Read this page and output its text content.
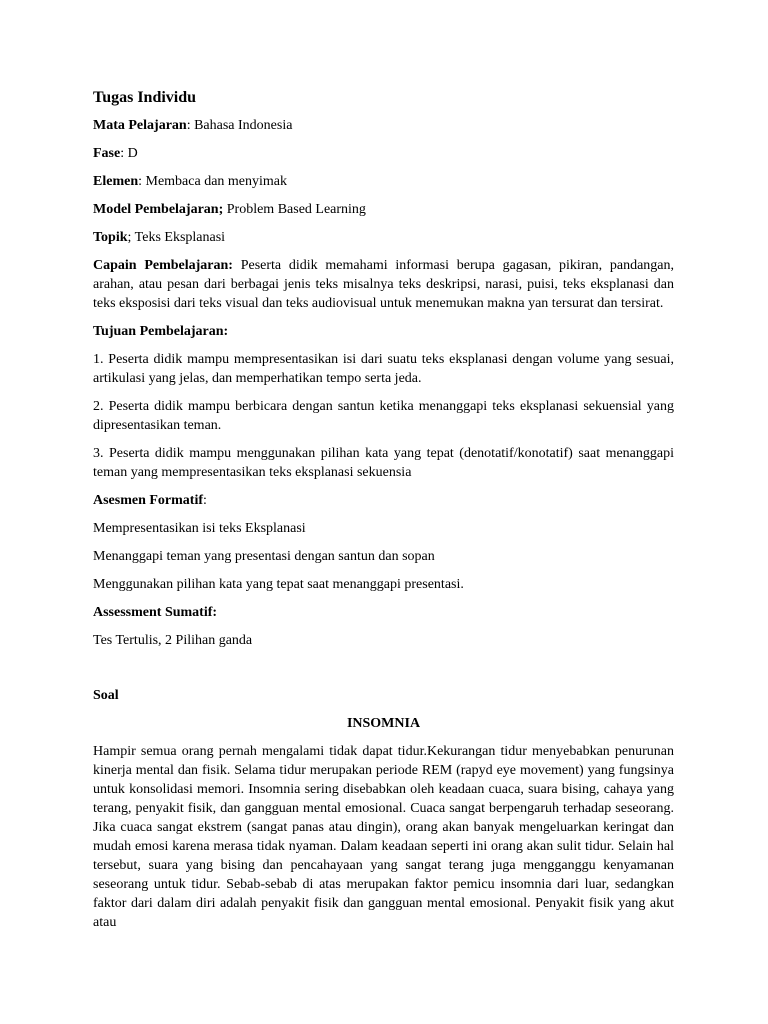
Tugas Individu

Mata Pelajaran: Bahasa Indonesia

Fase: D

Elemen: Membaca dan menyimak

Model Pembelajaran; Problem Based Learning

Topik; Teks Eksplanasi

Capain Pembelajaran: Peserta didik memahami informasi berupa gagasan, pikiran, pandangan, arahan, atau pesan dari berbagai jenis teks misalnya teks deskripsi, narasi, puisi, teks eksplanasi dan teks eksposisi dari teks visual dan teks audiovisual untuk menemukan makna yan tersurat dan tersirat.

Tujuan Pembelajaran:

1. Peserta didik mampu mempresentasikan isi dari suatu teks eksplanasi dengan volume yang sesuai, artikulasi yang jelas, dan memperhatikan tempo serta jeda.

2. Peserta didik mampu berbicara dengan santun ketika menanggapi teks eksplanasi sekuensial yang dipresentasikan teman.

3. Peserta didik mampu menggunakan pilihan kata yang tepat (denotatif/konotatif) saat menanggapi teman yang mempresentasikan teks eksplanasi sekuensia

Asesmen Formatif:

Mempresentasikan isi teks Eksplanasi

Menanggapi teman yang presentasi dengan santun dan sopan

Menggunakan pilihan kata yang tepat saat menanggapi presentasi.

Assessment Sumatif:

Tes Tertulis, 2 Pilihan ganda

Soal

INSOMNIA

Hampir semua orang pernah mengalami tidak dapat tidur.Kekurangan tidur menyebabkan penurunan kinerja mental dan fisik. Selama tidur merupakan periode REM (rapyd eye movement) yang fungsinya untuk konsolidasi memori. Insomnia sering disebabkan oleh keadaan cuaca, suara bising, cahaya yang terang, penyakit fisik, dan gangguan mental emosional. Cuaca sangat berpengaruh terhadap seseorang. Jika cuaca sangat ekstrem (sangat panas atau dingin), orang akan banyak mengeluarkan keringat dan mudah emosi karena merasa tidak nyaman. Dalam keadaan seperti ini orang akan sulit tidur. Selain hal tersebut, suara yang bising dan pencahayaan yang sangat terang juga mengganggu kenyamanan seseorang untuk tidur. Sebab-sebab di atas merupakan faktor pemicu insomnia dari luar, sedangkan faktor dari dalam diri adalah penyakit fisik dan gangguan mental emosional. Penyakit fisik yang akut atau
